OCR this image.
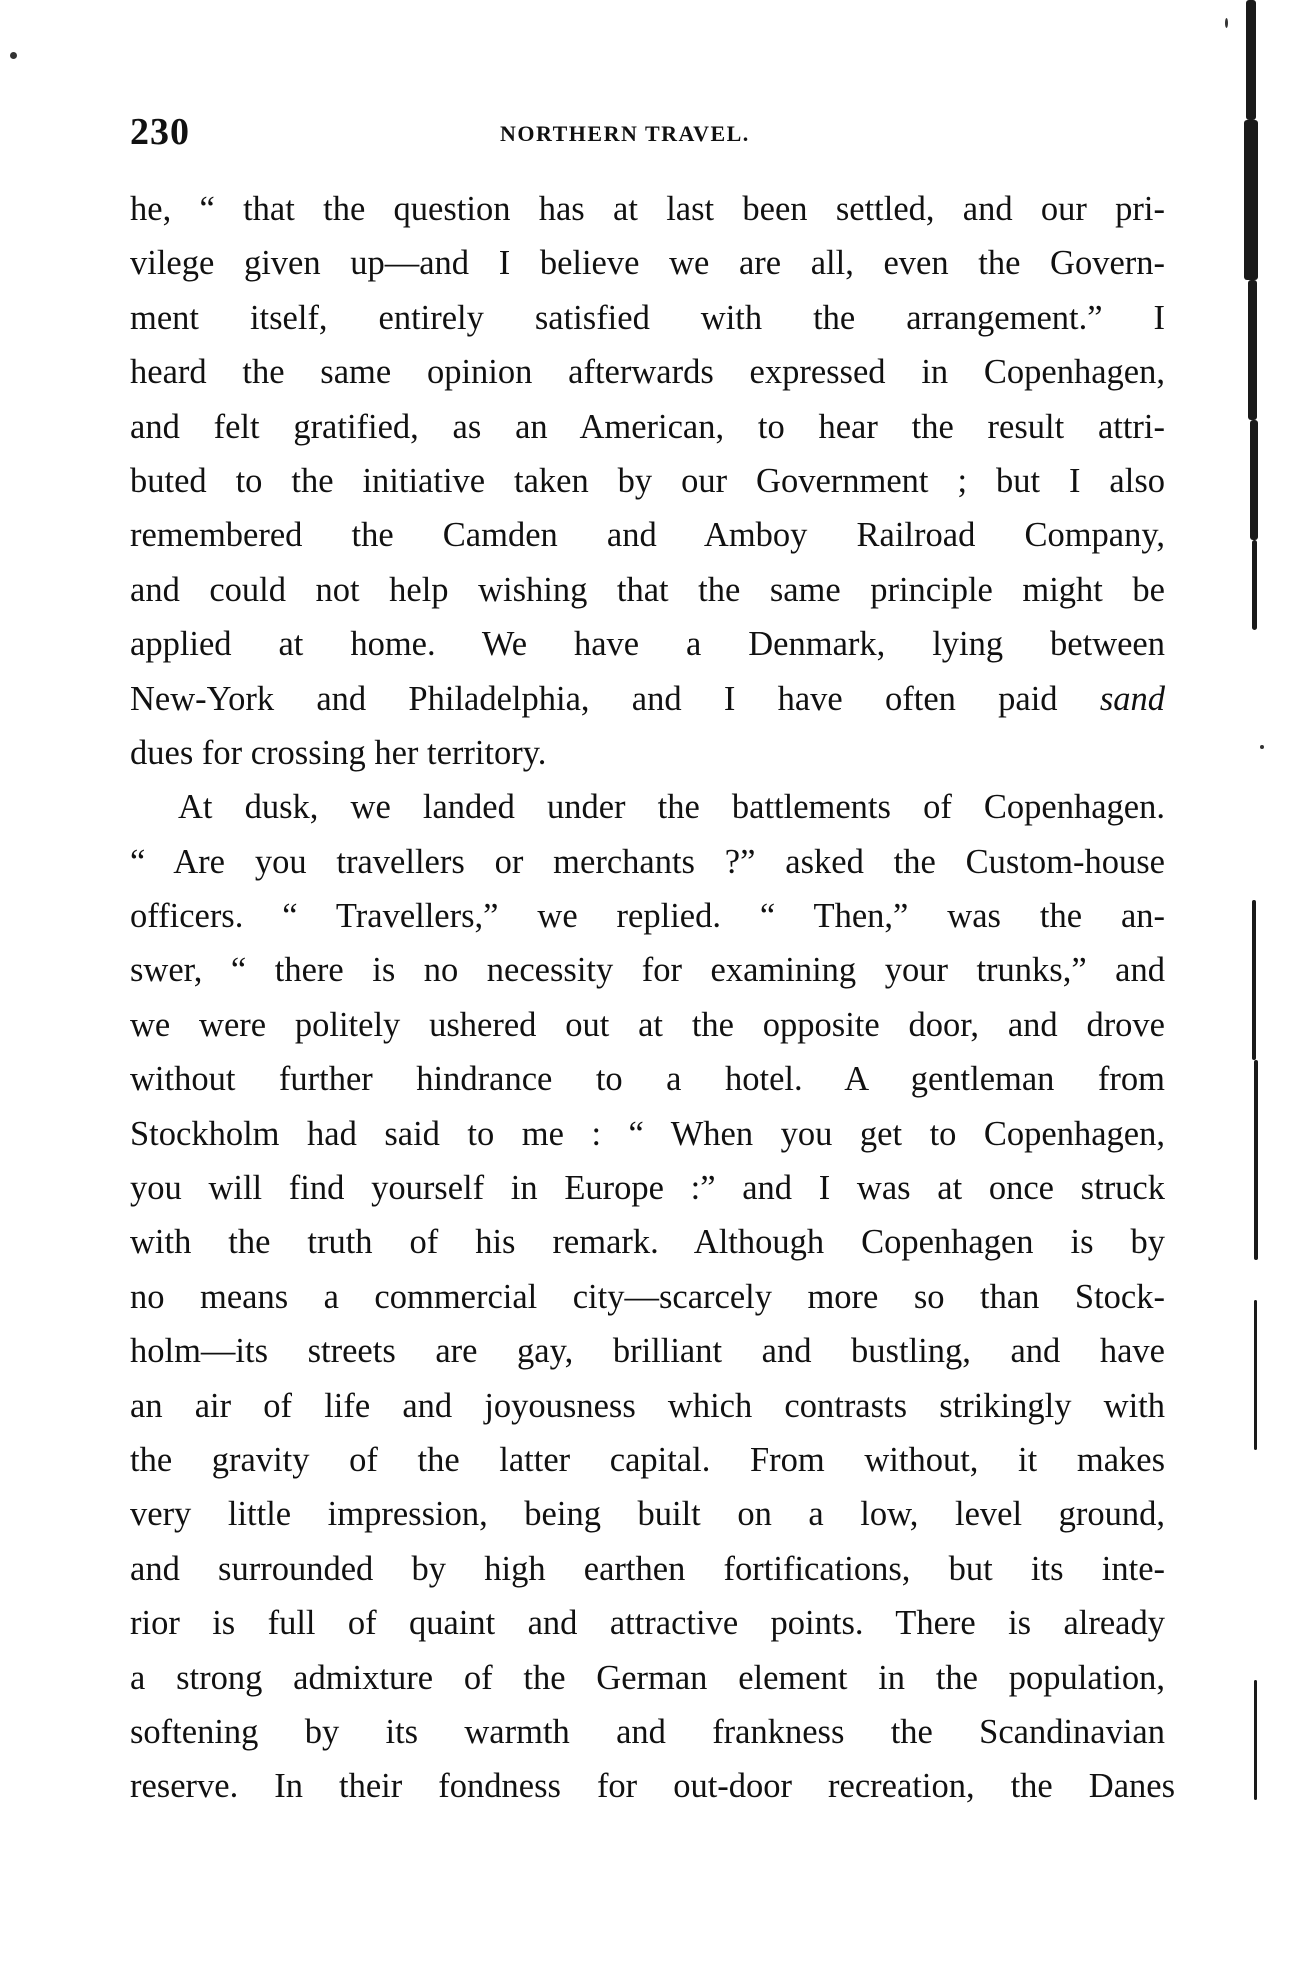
230	NORTHERN TRAVEL.
he, “ that the question has at last been settled, and our pri-
vilege given up—and I believe we are all, even the Govern-
ment itself, entirely satisfied with the arrangement.” I
heard the same opinion afterwards expressed in Copenhagen,
and felt gratified, as an American, to hear the result attri-
buted to the initiative taken by our Government ; but I also
remembered the Camden and Amboy Railroad Company,
and could not help wishing that the same principle might be
applied at home. We have a Denmark, lying between
New-York and Philadelphia, and I have often paid sand
dues for crossing her territory.
At dusk, we landed under the battlements of Copenhagen.
“ Are you travellers or merchants ?” asked the Custom-house
officers. “ Travellers,” we replied. “ Then,” was the an-
swer, “ there is no necessity for examining your trunks,” and
we were politely ushered out at the opposite door, and drove
without further hindrance to a hotel. A gentleman from
Stockholm had said to me : “ When you get to Copenhagen,
you will find yourself in Europe :” and I was at once struck
with the truth of his remark. Although Copenhagen is by
no means a commercial city—scarcely more so than Stock-
holm—its streets are gay, brilliant and bustling, and have
an air of life and joyousness which contrasts strikingly with
the gravity of the latter capital. From without, it makes
very little impression, being built on a low, level ground,
and surrounded by high earthen fortifications, but its inte-
rior is full of quaint and attractive points. There is already
a strong admixture of the German element in the population,
softening by its warmth and frankness the Scandinavian
reserve. In their fondness for out-door recreation, the Danes
